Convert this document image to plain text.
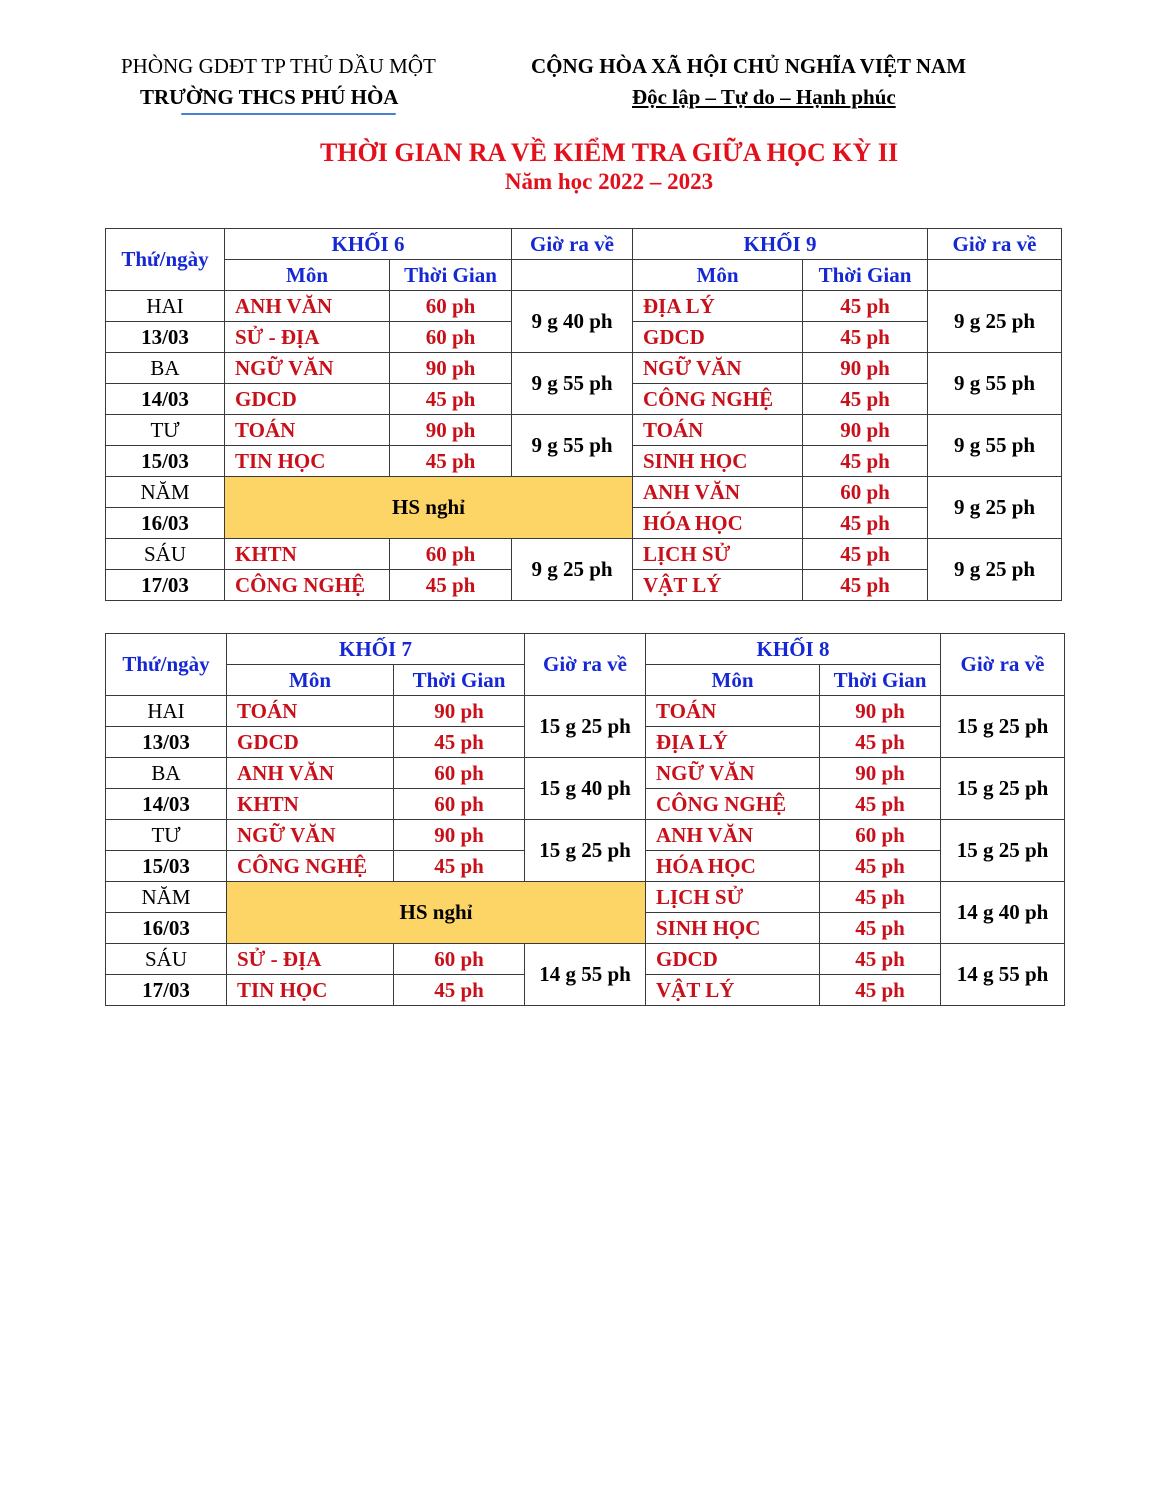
PHÒNG GDĐT TP THỦ DẦU MỘT
TRƯỜNG THCS PHÚ HÒA
CỘNG HÒA XÃ HỘI CHỦ NGHĨA VIỆT NAM
Độc lập – Tự do – Hạnh phúc
THỜI GIAN RA VỀ KIỂM TRA GIỮA HỌC KỲ II
Năm học 2022 – 2023
Thứ/ngày	KHỐI 6		Giờ ra về	KHỐI 9		Giờ ra về
	Môn	Thời Gian		Môn	Thời Gian	
HAI	ANH VĂN	60 ph	9 g 40 ph	ĐỊA LÝ	45 ph	9 g 25 ph
13/03	SỬ - ĐỊA	60 ph		GDCD	45 ph	
BA	NGỮ VĂN	90 ph	9 g 55 ph	NGỮ VĂN	90 ph	9 g 55 ph
14/03	GDCD	45 ph		CÔNG NGHỆ	45 ph	
TƯ	TOÁN	90 ph	9 g 55 ph	TOÁN	90 ph	9 g 55 ph
15/03	TIN HỌC	45 ph		SINH HỌC	45 ph	
NĂM	HS nghỉ			ANH VĂN	60 ph	9 g 25 ph
16/03				HÓA HỌC	45 ph	
SÁU	KHTN	60 ph	9 g 25 ph	LỊCH SỬ	45 ph	9 g 25 ph
17/03	CÔNG NGHỆ	45 ph		VẬT LÝ	45 ph	
Thứ/ngày	KHỐI 7		Giờ ra về	KHỐI 8		Giờ ra về
	Môn	Thời Gian		Môn	Thời Gian	
HAI	TOÁN	90 ph	15 g 25 ph	TOÁN	90 ph	15 g 25 ph
13/03	GDCD	45 ph		ĐỊA LÝ	45 ph	
BA	ANH VĂN	60 ph	15 g 40 ph	NGỮ VĂN	90 ph	15 g 25 ph
14/03	KHTN	60 ph		CÔNG NGHỆ	45 ph	
TƯ	NGỮ VĂN	90 ph	15 g 25 ph	ANH VĂN	60 ph	15 g 25 ph
15/03	CÔNG NGHỆ	45 ph		HÓA HỌC	45 ph	
NĂM	HS nghỉ			LỊCH SỬ	45 ph	14 g 40 ph
16/03				SINH HỌC	45 ph	
SÁU	SỬ - ĐỊA	60 ph	14 g 55 ph	GDCD	45 ph	14 g 55 ph
17/03	TIN HỌC	45 ph		VẬT LÝ	45 ph	
